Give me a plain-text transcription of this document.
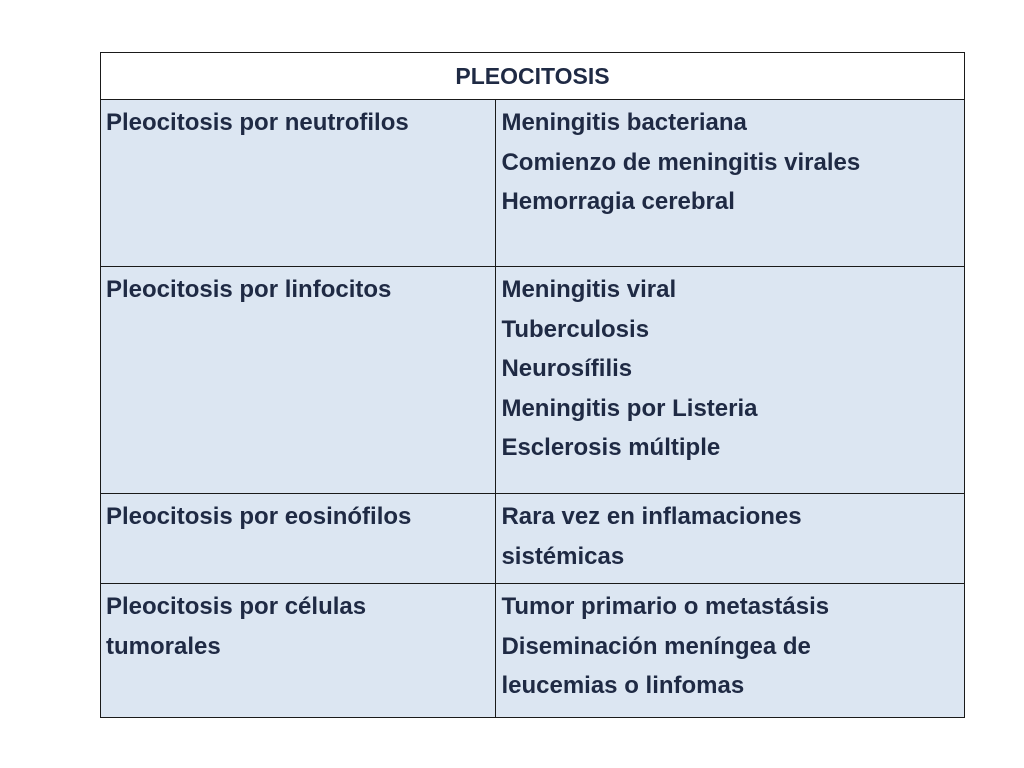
PLEOCITOSIS	

Pleocitosis por neutrofilos	Meningitis bacteriana
Comienzo de meningitis virales
Hemorragia cerebral

Pleocitosis por linfocitos	Meningitis viral
Tuberculosis
Neurosífilis
Meningitis por Listeria
Esclerosis múltiple

Pleocitosis por eosinófilos	Rara vez en inflamaciones
sistémicas

Pleocitosis por células
tumorales	Tumor primario o metastásis
Diseminación meníngea de
leucemias o linfomas
